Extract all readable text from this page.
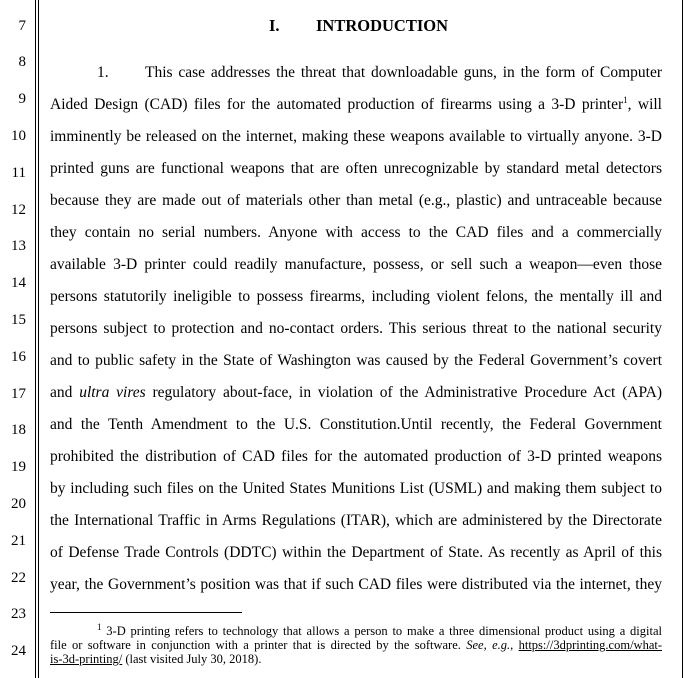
7
8
9
10
11
12
13
14
15
16
17
18
19
20
21
22
23
24
I. INTRODUCTION
1. This case addresses the threat that downloadable guns, in the form of Computer
Aided Design (CAD) files for the automated production of firearms using a 3-D printer$^1$, will
imminently be released on the internet, making these weapons available to virtually anyone. 3-D
printed guns are functional weapons that are often unrecognizable by standard metal detectors
because they are made out of materials other than metal (e.g., plastic) and untraceable because
they contain no serial numbers. Anyone with access to the CAD files and a commercially
available 3-D printer could readily manufacture, possess, or sell such a weapon—even those
persons statutorily ineligible to possess firearms, including violent felons, the mentally ill and
persons subject to protection and no-contact orders. This serious threat to the national security
and to public safety in the State of Washington was caused by the Federal Government’s covert
and ultra vires regulatory about-face, in violation of the Administrative Procedure Act (APA)
and the Tenth Amendment to the U.S. Constitution.Until recently, the Federal Government
prohibited the distribution of CAD files for the automated production of 3-D printed weapons
by including such files on the United States Munitions List (USML) and making them subject to
the International Traffic in Arms Regulations (ITAR), which are administered by the Directorate
of Defense Trade Controls (DDTC) within the Department of State. As recently as April of this
year, the Government’s position was that if such CAD files were distributed via the internet, they
$^1$ 3-D printing refers to technology that allows a person to make a three dimensional product using a digital
file or software in conjunction with a printer that is directed by the software. See, e.g., https://3dprinting.com/what-
is-3d-printing/ (last visited July 30, 2018).
